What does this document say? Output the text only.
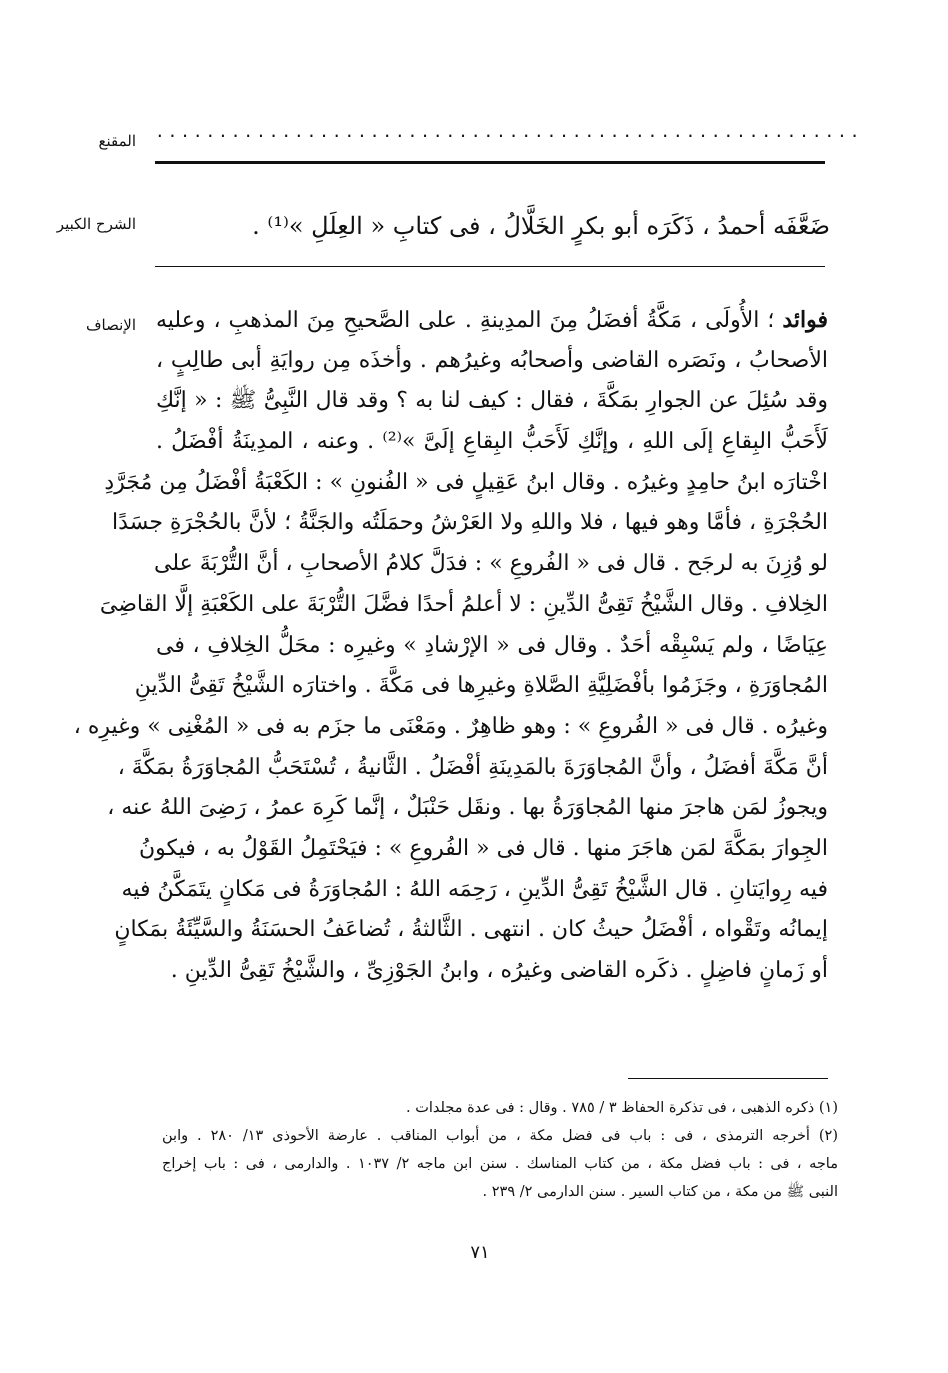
المقنع ........................................................
الشرح الكبير	ضَعَّفَه أحمدُ ، ذَكَرَه أبو بكرٍ الخَلَّالُ ، فى كتابِ « العِلَلِ »⁽¹⁾ .
الإنصاف	فوائد ؛ الأُولَى ، مَكَّةُ أفضَلُ مِنَ المدِينةِ . على الصَّحيحِ مِنَ المذهبِ ، وعليه
الأصحابُ ، ونَصَره القاضى وأصحابُه وغيرُهم . وأخذَه مِن روايَةِ أبى طالِبٍ ،
وقد سُئِلَ عن الجوارِ بمَكَّةَ ، فقال : كيف لنا به ؟ وقد قال النَّبِىُّ ﷺ : « إنَّكِ
لَأَحَبُّ البِقاعِ إلَى اللهِ ، وإنَّكِ لَأَحَبُّ البِقاعِ إلَىَّ »⁽²⁾ . وعنه ، المدِينَةُ أفْضَلُ .
اخْتارَه ابنُ حامِدٍ وغيرُه . وقال ابنُ عَقِيلٍ فى « الفُنونِ » : الكَعْبَةُ أفْضَلُ مِن مُجَرَّدِ
الحُجْرَةِ ، فأمَّا وهو فيها ، فلا واللهِ ولا العَرْشُ وحمَلَتُه والجَنَّةُ ؛ لأنَّ بالحُجْرَةِ جسَدًا
لو وُزِنَ به لرجَح . قال فى « الفُروعِ » : فدَلَّ كلامُ الأصحابِ ، أنَّ التُّرْبَةَ على
الخِلافِ . وقال الشَّيْخُ تَقِىُّ الدِّينِ : لا أعلمُ أحدًا فضَّلَ التُّرْبَةَ على الكَعْبَةِ إلَّا القاضِىَ
عِيَاضًا ، ولم يَسْبِقْه أحَدٌ . وقال فى « الإرْشادِ » وغيرِه : محَلُّ الخِلافِ ، فى
المُجاوَرَةِ ، وجَزَمُوا بأفْضَلِيَّةِ الصَّلاةِ وغيرِها فى مَكَّةَ . واختارَه الشَّيْخُ تَقِىُّ الدِّينِ
وغيرُه . قال فى « الفُروعِ » : وهو ظاهِرٌ . ومَعْنَى ما جزَم به فى « المُغْنِى » وغيرِه ،
أنَّ مَكَّةَ أفضَلُ ، وأنَّ المُجاوَرَةَ بالمَدِينَةِ أفْضَلُ . الثَّانيةُ ، تُسْتَحَبُّ المُجاوَرَةُ بمَكَّةَ ،
ويجوزُ لمَن هاجرَ منها المُجاوَرَةُ بها . ونقَل حَنْبَلٌ ، إنَّما كَرِهَ عمرُ ، رَضِىَ اللهُ عنه ،
الجِوارَ بمَكَّةَ لمَن هاجَرَ منها . قال فى « الفُروعِ » : فيَحْتَمِلُ القَوْلُ به ، فيكونُ
فيه رِوايَتانِ . قال الشَّيْخُ تَقِىُّ الدِّينِ ، رَحِمَه اللهُ : المُجاوَرَةُ فى مَكانٍ يتَمَكَّنُ فيه
إيمانُه وتَقْواه ، أفْضَلُ حيثُ كان . انتهى . الثَّالثةُ ، تُضاعَفُ الحسَنَةُ والسَّيِّئَةُ بمَكانٍ
أو زَمانٍ فاضِلٍ . ذكَره القاضى وغيرُه ، وابنُ الجَوْزِىِّ ، والشَّيْخُ تَقِىُّ الدِّينِ .
(١) ذكره الذهبى ، فى تذكرة الحفاظ ٣ / ٧٨٥ . وقال : فى عدة مجلدات .
(٢) أخرجه الترمذى ، فى : باب فى فضل مكة ، من أبواب المناقب . عارضة الأحوذى ١٣/ ٢٨٠ . وابن
ماجه ، فى : باب فضل مكة ، من كتاب المناسك . سنن ابن ماجه ٢/ ١٠٣٧ . والدارمى ، فى : باب إخراج
النبى ﷺ من مكة ، من كتاب السير . سنن الدارمى ٢/ ٢٣٩ .
٧١
